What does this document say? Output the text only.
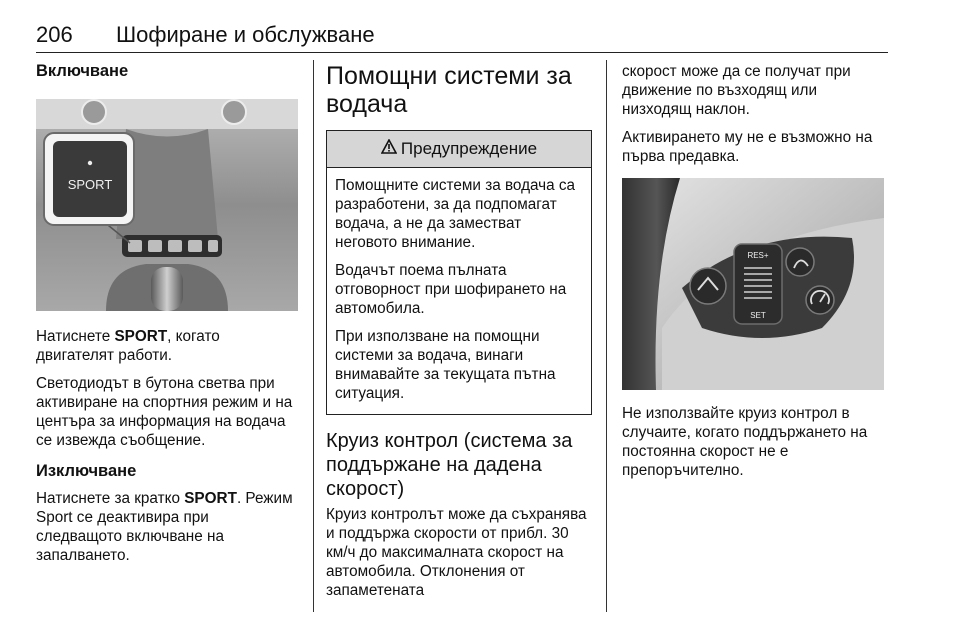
206 Шофиране и обслужване
Включване
SPORT

Натиснете SPORT, когато двигателят работи.

Светодиодът в бутона светва при активиране на спортния режим и на центъра за информация на водача се извежда съобщение.

Изключване

Натиснете за кратко SPORT. Режим Sport се деактивира при следващото включване на запалването.

Помощни системи за водача
Предупреждение

Помощните системи за водача са разработени, за да подпомагат водача, а не да заместват неговото внимание.

Водачът поема пълната отговорност при шофирането на автомобила.

При използване на помощни системи за водача, винаги внимавайте за текущата пътна ситуация.

Круиз контрол (система за поддържане на дадена скорост)

Круиз контролът може да съхранява и поддържа скорости от прибл. 30 км/ч до максималната скорост на автомобила. Отклонения от запаметената

скорост може да се получат при движение по възходящ или низходящ наклон.

Активирането му не е възможно на първа предавка.

RES+
SET

Не използвайте круиз контрол в случаите, когато поддържането на постоянна скорост не е препоръчително.
